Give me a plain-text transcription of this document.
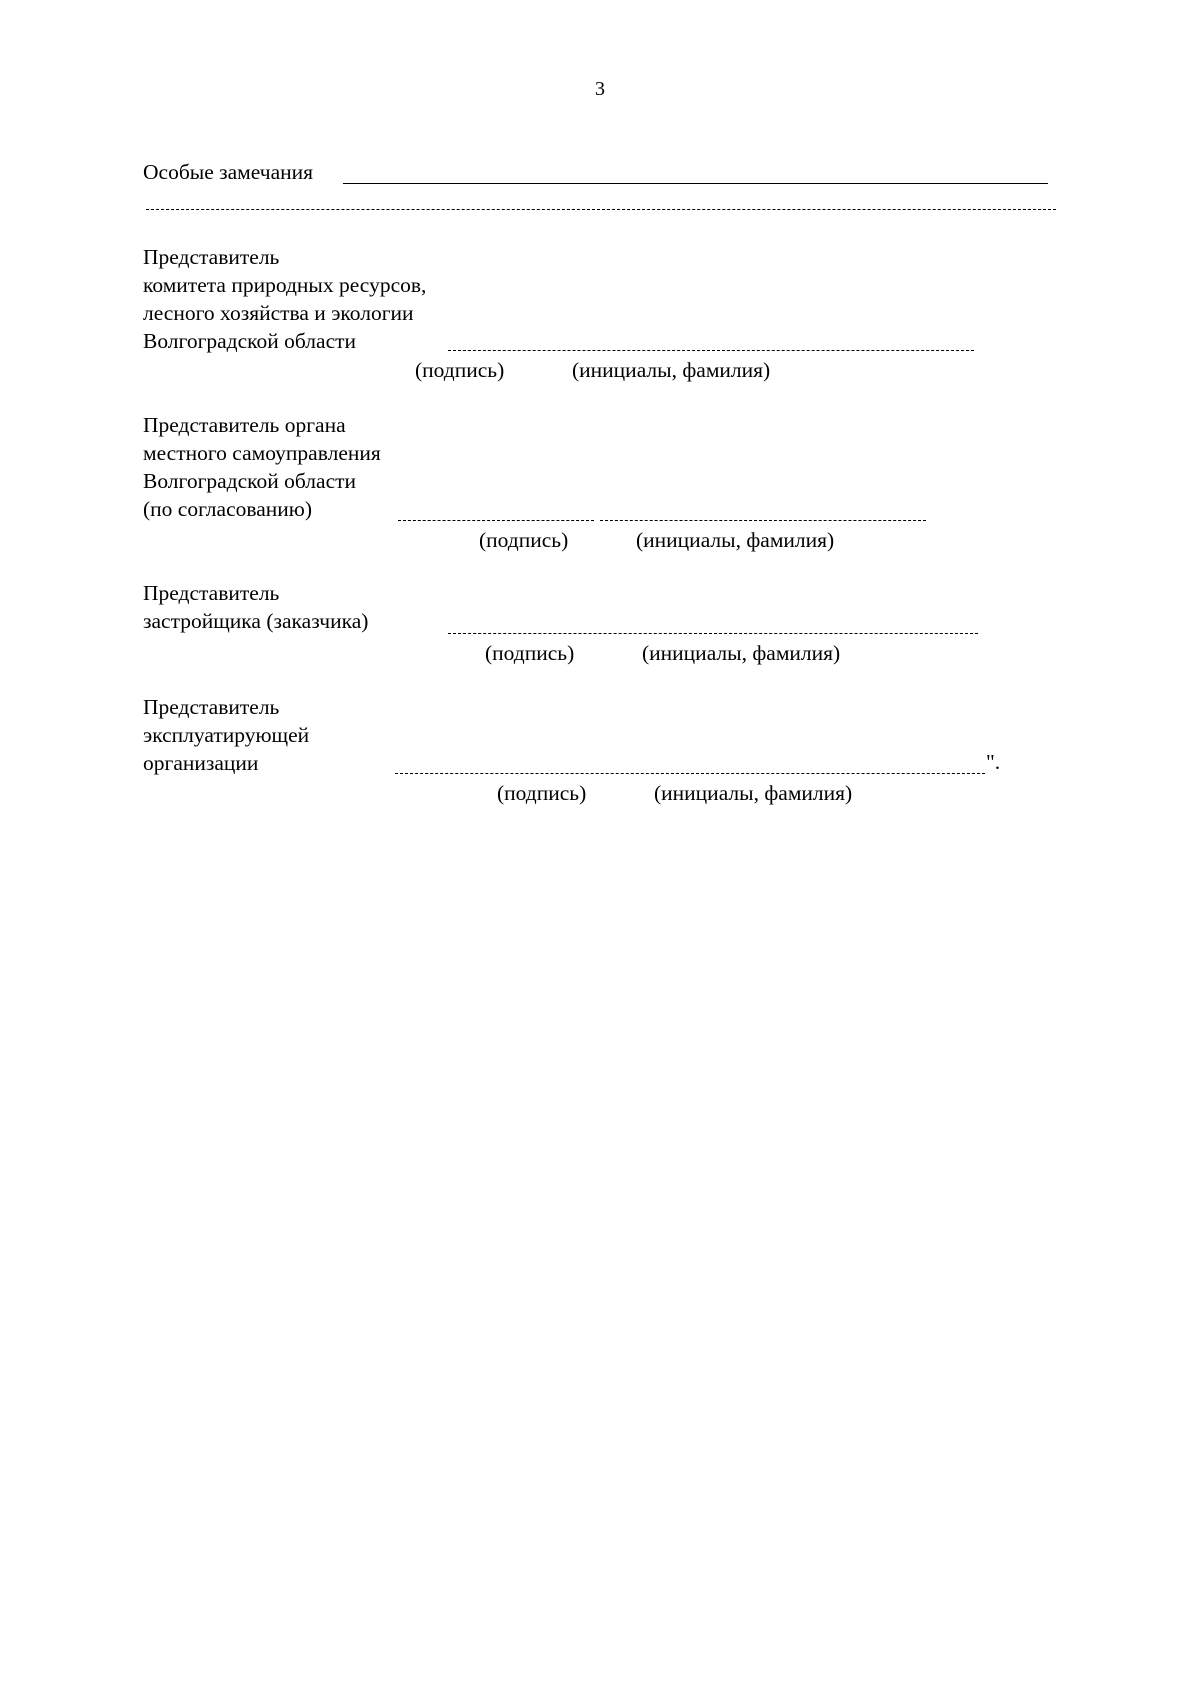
3
Особые замечания
Представитель
комитета природных ресурсов,
лесного хозяйства и экологии
Волгоградской области
(подпись)	(инициалы, фамилия)
Представитель органа
местного самоуправления
Волгоградской области
(по согласованию)
(подпись)	(инициалы, фамилия)
Представитель
застройщика (заказчика)
(подпись)	(инициалы, фамилия)
Представитель
эксплуатирующей
организации	".
(подпись)	(инициалы, фамилия)
